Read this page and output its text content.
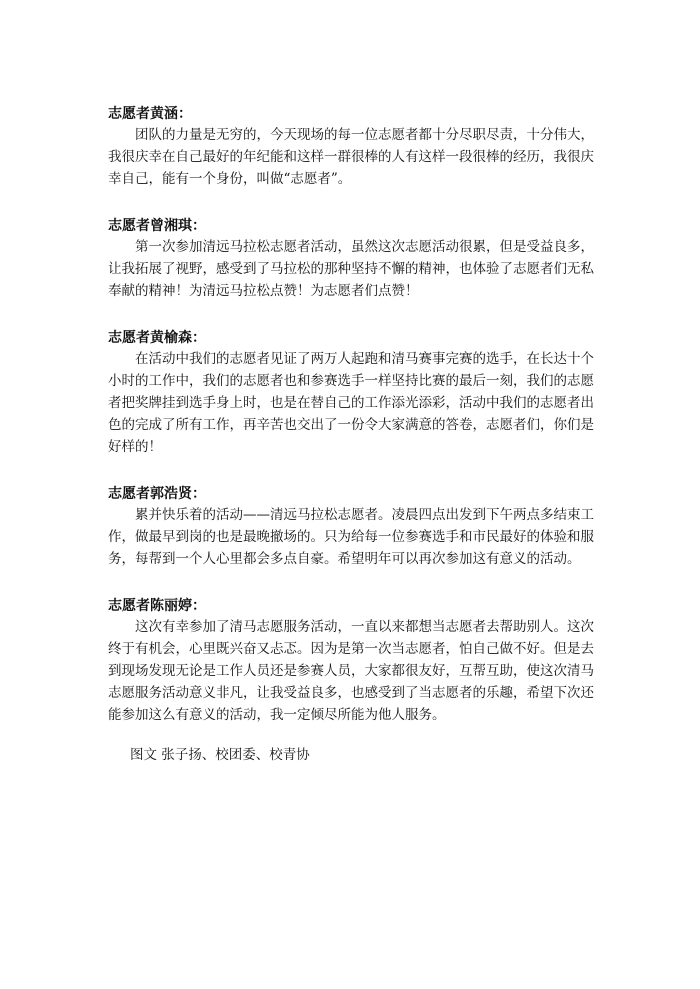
志愿者黄涵：

团队的力量是无穷的，今天现场的每一位志愿者都十分尽职尽责，十分伟大，我很庆幸在自己最好的年纪能和这样一群很棒的人有这样一段很棒的经历，我很庆幸自己，能有一个身份，叫做“志愿者”。

志愿者曾湘琪：

第一次参加清远马拉松志愿者活动，虽然这次志愿活动很累，但是受益良多，让我拓展了视野，感受到了马拉松的那种坚持不懈的精神，也体验了志愿者们无私奉献的精神！为清远马拉松点赞！为志愿者们点赞！

志愿者黄榆森：

在活动中我们的志愿者见证了两万人起跑和清马赛事完赛的选手，在长达十个小时的工作中，我们的志愿者也和参赛选手一样坚持比赛的最后一刻，我们的志愿者把奖牌挂到选手身上时，也是在替自己的工作添光添彩，活动中我们的志愿者出色的完成了所有工作，再辛苦也交出了一份令大家满意的答卷，志愿者们，你们是好样的！

志愿者郭浩贤：

累并快乐着的活动——清远马拉松志愿者。凌晨四点出发到下午两点多结束工作，做最早到岗的也是最晚撤场的。只为给每一位参赛选手和市民最好的体验和服务，每帮到一个人心里都会多点自豪。希望明年可以再次参加这有意义的活动。

志愿者陈丽婷：

这次有幸参加了清马志愿服务活动，一直以来都想当志愿者去帮助别人。这次终于有机会，心里既兴奋又忐忑。因为是第一次当志愿者，怕自己做不好。但是去到现场发现无论是工作人员还是参赛人员，大家都很友好，互帮互助，使这次清马志愿服务活动意义非凡，让我受益良多，也感受到了当志愿者的乐趣，希望下次还能参加这么有意义的活动，我一定倾尽所能为他人服务。

图文 张子扬、校团委、校青协
